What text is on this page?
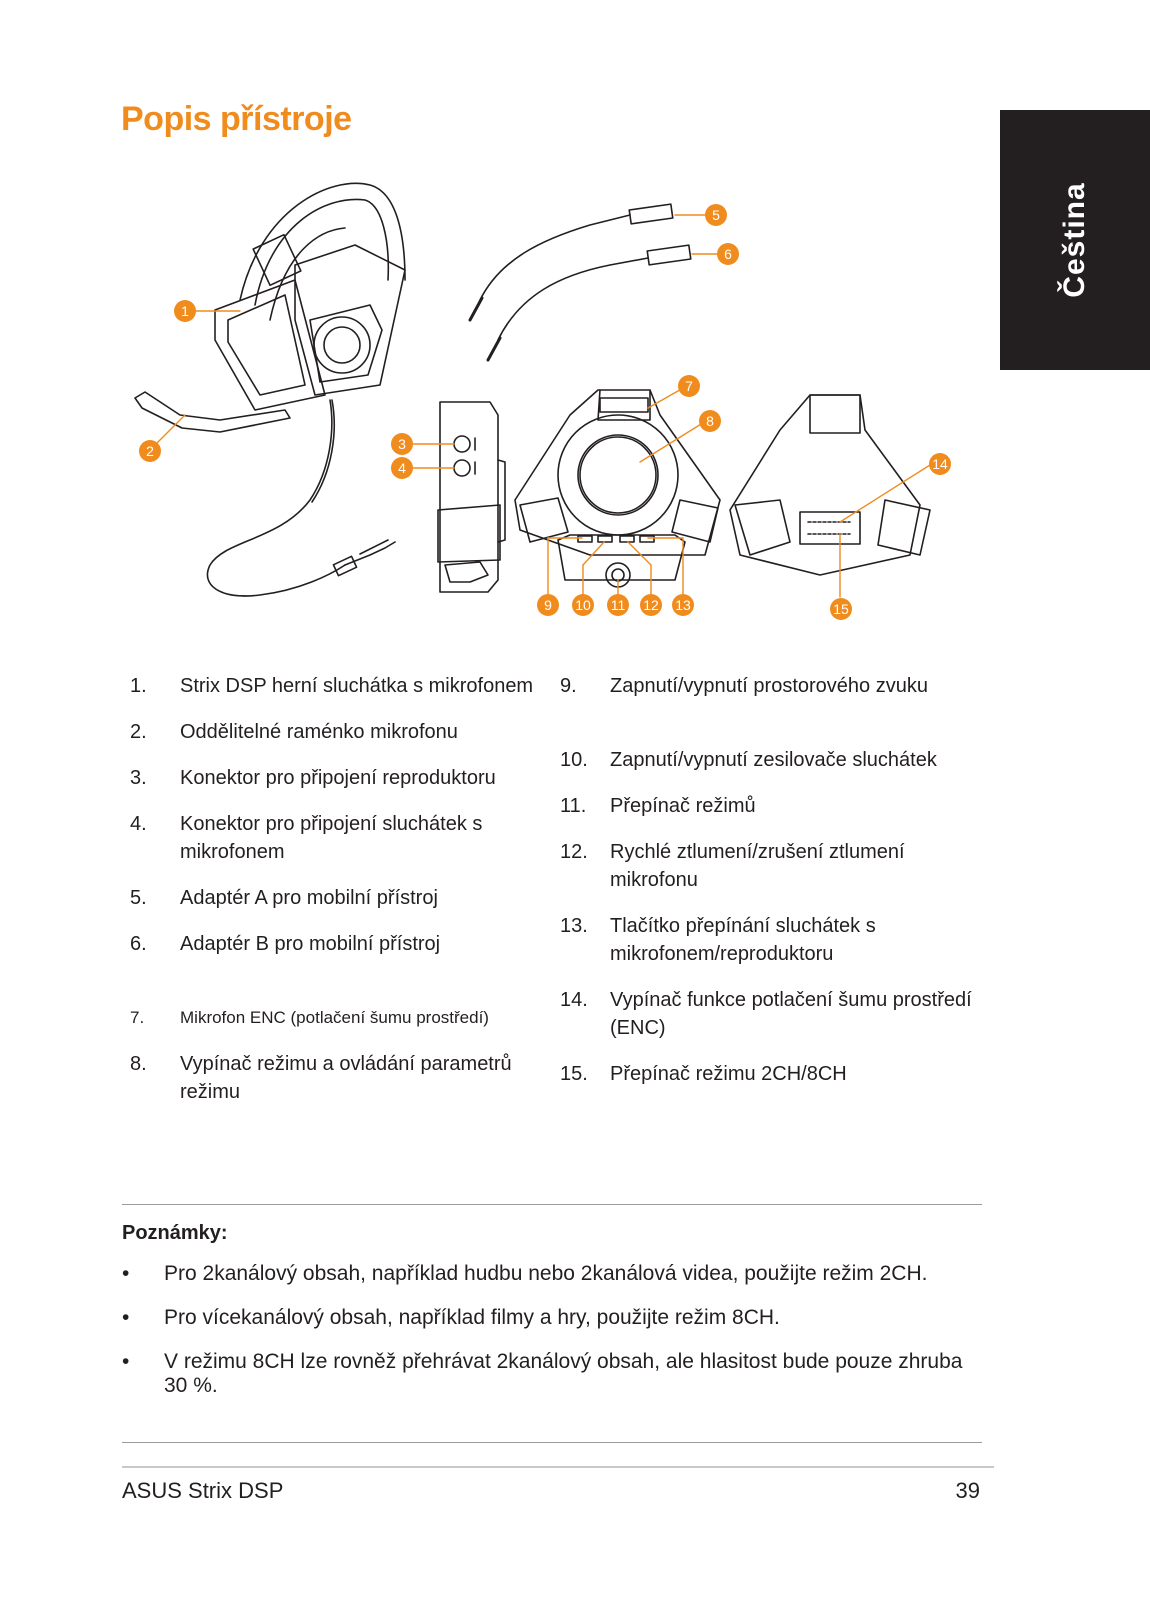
Popis přístroje
Čeština
1
2	3
4
5
6
7
8
9 10 11 12 13
14
15
1.	Strix DSP herní sluchátka s mikrofonem
2.	Oddělitelné raménko mikrofonu
3.	Konektor pro připojení reproduktoru
4.	Konektor pro připojení sluchátek s mikrofonem
5.	Adaptér A pro mobilní přístroj
6.	Adaptér B pro mobilní přístroj
7.	Mikrofon ENC (potlačení šumu prostředí)
8.	Vypínač režimu a ovládání parametrů režimu
9.	Zapnutí/vypnutí prostorového zvuku
10.	Zapnutí/vypnutí zesilovače sluchátek
11.	Přepínač režimů
12.	Rychlé ztlumení/zrušení ztlumení mikrofonu
13.	Tlačítko přepínání sluchátek s mikrofonem/reproduktoru
14.	Vypínač funkce potlačení šumu prostředí (ENC)
15.	Přepínač režimu 2CH/8CH
Poznámky:
•	Pro 2kanálový obsah, například hudbu nebo 2kanálová videa, použijte režim 2CH.
•	Pro vícekanálový obsah, například filmy a hry, použijte režim 8CH.
•	V režimu 8CH lze rovněž přehrávat 2kanálový obsah, ale hlasitost bude pouze zhruba 30 %.
ASUS Strix DSP	39
